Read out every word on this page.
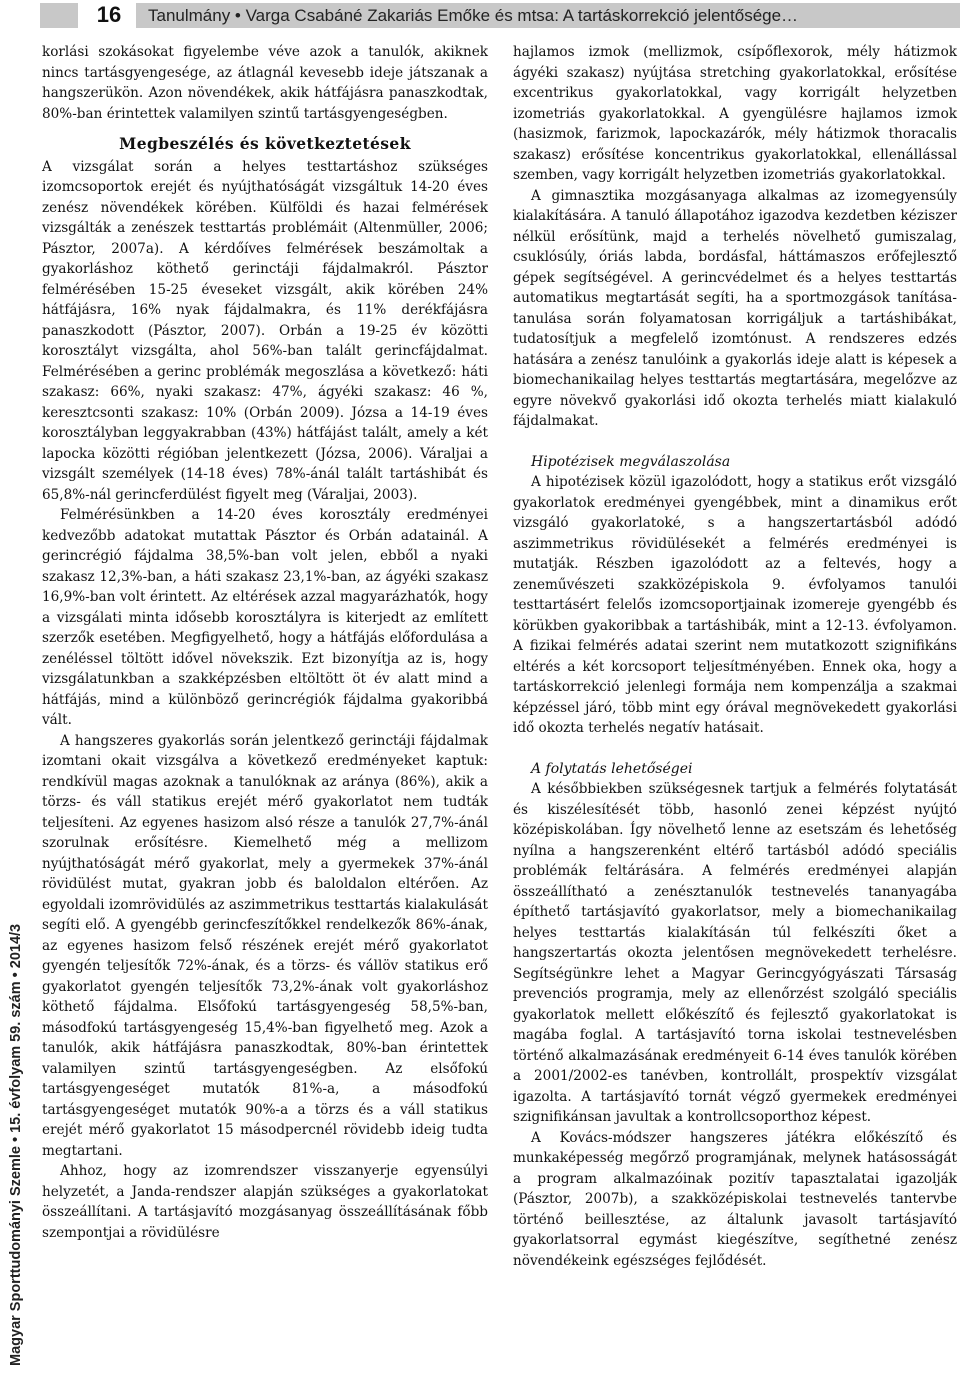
16	Tanulmány • Varga Csabáné Zakariás Emőke és mtsa: A tartáskorrekció jelentősége…
Magyar Sporttudományi Szemle • 15. évfolyam 59. szám • 2014/3

korlási szokásokat figyelembe véve azok a tanulók, akiknek nincs tartásgyengesége, az átlagnál kevesebb ideje játszanak a hangszerükön. Azon növendékek, akik hátfájásra panaszkodtak, 80%-ban érintettek valamilyen szintű tartásgyengeségben.

Megbeszélés és következtetések

A vizsgálat során a helyes testtartáshoz szükséges izomcsoportok erejét és nyújthatóságát vizsgáltuk 14-20 éves zenész növendékek körében. Külföldi és hazai felmérések vizsgálták a zenészek testtartás problémáit (Altenmüller, 2006; Pásztor, 2007a). A kérdőíves felmérések beszámoltak a gyakorláshoz köthető gerinctáji fájdalmakról. Pásztor felmérésében 15-25 éveseket vizsgált, akik körében 24% hátfájásra, 16% nyak fájdalmakra, és 11% derékfájásra panaszkodott (Pásztor, 2007). Orbán a 19-25 év közötti korosztályt vizsgálta, ahol 56%-ban talált gerincfájdalmat. Felmérésében a gerinc problémák megoszlása a következő: háti szakasz: 66%, nyaki szakasz: 47%, ágyéki szakasz: 46 %, keresztcsonti szakasz: 10% (Orbán 2009). Józsa a 14-19 éves korosztályban leggyakrabban (43%) hátfájást talált, amely a két lapocka közötti régióban jelentkezett (Józsa, 2006). Váraljai a vizsgált személyek (14-18 éves) 78%-ánál talált tartáshibát és 65,8%-nál gerincferdülést figyelt meg (Váraljai, 2003).

Felmérésünkben a 14-20 éves korosztály eredményei kedvezőbb adatokat mutattak Pásztor és Orbán adatainál. A gerincrégió fájdalma 38,5%-ban volt jelen, ebből a nyaki szakasz 12,3%-ban, a háti szakasz 23,1%-ban, az ágyéki szakasz 16,9%-ban volt érintett. Az eltérések azzal magyarázhatók, hogy a vizsgálati minta idősebb korosztályra is kiterjedt az említett szerzők esetében. Megfigyelhető, hogy a hátfájás előfordulása a zenéléssel töltött idővel növekszik. Ezt bizonyítja az is, hogy vizsgálatunkban a szakképzésben eltöltött öt év alatt mind a hátfájás, mind a különböző gerincrégiók fájdalma gyakoribbá vált.

A hangszeres gyakorlás során jelentkező gerinctáji fájdalmak izomtani okait vizsgálva a következő eredményeket kaptuk: rendkívül magas azoknak a tanulóknak az aránya (86%), akik a törzs- és váll statikus erejét mérő gyakorlatot nem tudták teljesíteni. Az egyenes hasizom alsó része a tanulók 27,7%-ánál szorulnak erősítésre. Kiemelhető még a mellizom nyújthatóságát mérő gyakorlat, mely a gyermekek 37%-ánál rövidülést mutat, gyakran jobb és baloldalon eltérően. Az egyoldali izomrövidülés az aszimmetrikus testtartás kialakulását segíti elő. A gyengébb gerincfeszítőkkel rendelkezők 86%-ának, az egyenes hasizom felső részének erejét mérő gyakorlatot gyengén teljesítők 72%-ának, és a törzs- és vállöv statikus erő gyakorlatot gyengén teljesítők 73,2%-ának volt gyakorláshoz köthető fájdalma. Elsőfokú tartásgyengeség 58,5%-ban, másodfokú tartásgyengeség 15,4%-ban figyelhető meg. Azok a tanulók, akik hátfájásra panaszkodtak, 80%-ban érintettek valamilyen szintű tartásgyengeségben. Az elsőfokú tartásgyengeséget mutatók 81%-a, a másodfokú tartásgyengeséget mutatók 90%-a a törzs és a váll statikus erejét mérő gyakorlatot 15 másodpercnél rövidebb ideig tudta megtartani.

Ahhoz, hogy az izomrendszer visszanyerje egyensúlyi helyzetét, a Janda-rendszer alapján szükséges a gyakorlatokat összeállítani. A tartásjavító mozgásanyag összeállításának főbb szempontjai a rövidülésre

hajlamos izmok (mellizmok, csípőflexorok, mély hátizmok ágyéki szakasz) nyújtása stretching gyakorlatokkal, erősítése excentrikus gyakorlatokkal, vagy korrigált helyzetben izometriás gyakorlatokkal. A gyengülésre hajlamos izmok (hasizmok, farizmok, lapockazárók, mély hátizmok thoracalis szakasz) erősítése koncentrikus gyakorlatokkal, ellenállással szemben, vagy korrigált helyzetben izometriás gyakorlatokkal.

A gimnasztika mozgásanyaga alkalmas az izomegyensúly kialakítására. A tanuló állapotához igazodva kezdetben kéziszer nélkül erősítünk, majd a terhelés növelhető gumiszalag, csuklósúly, óriás labda, bordásfal, háttámaszos erőfejlesztő gépek segítségével. A gerincvédelmet és a helyes testtartás automatikus megtartását segíti, ha a sportmozgások tanítása-tanulása során folyamatosan korrigáljuk a tartáshibákat, tudatosítjuk a megfelelő izomtónust. A rendszeres edzés hatására a zenész tanulóink a gyakorlás ideje alatt is képesek a biomechanikailag helyes testtartás megtartására, megelőzve az egyre növekvő gyakorlási idő okozta terhelés miatt kialakuló fájdalmakat.

Hipotézisek megválaszolása

A hipotézisek közül igazolódott, hogy a statikus erőt vizsgáló gyakorlatok eredményei gyengébbek, mint a dinamikus erőt vizsgáló gyakorlatoké, s a hangszertartásból adódó aszimmetrikus rövidülésekét a felmérés eredményei is mutatják. Részben igazolódott az a feltevés, hogy a zeneművészeti szakközépiskola 9. évfolyamos tanulói testtartásért felelős izomcsoportjainak izomereje gyengébb és körükben gyakoribbak a tartáshibák, mint a 12-13. évfolyamon. A fizikai felmérés adatai szerint nem mutatkozott szignifikáns eltérés a két korcsoport teljesítményében. Ennek oka, hogy a tartáskorrekció jelenlegi formája nem kompenzálja a szakmai képzéssel járó, több mint egy órával megnövekedett gyakorlási idő okozta terhelés negatív hatásait.

A folytatás lehetőségei

A későbbiekben szükségesnek tartjuk a felmérés folytatását és kiszélesítését több, hasonló zenei képzést nyújtó középiskolában. Így növelhető lenne az esetszám és lehetőség nyílna a hangszerenként eltérő tartásból adódó speciális problémák feltárására. A felmérés eredményei alapján összeállítható a zenésztanulók testnevelés tananyagába építhető tartásjavító gyakorlatsor, mely a biomechanikailag helyes testtartás kialakításán túl felkészíti őket a hangszertartás okozta jelentősen megnövekedett terhelésre. Segítségünkre lehet a Magyar Gerincgyógyászati Társaság prevenciós programja, mely az ellenőrzést szolgáló speciális gyakorlatok mellett előkészítő és fejlesztő gyakorlatokat is magába foglal. A tartásjavító torna iskolai testnevelésben történő alkalmazásának eredményeit 6-14 éves tanulók körében a 2001/2002-es tanévben, kontrollált, prospektív vizsgálat igazolta. A tartásjavító tornát végző gyermekek eredményei szignifikánsan javultak a kontrollcsoporthoz képest.

A Kovács-módszer hangszeres játékra előkészítő és munkaképesség megőrző programjának, melynek hatásosságát a program alkalmazóinak pozitív tapasztalatai igazolják (Pásztor, 2007b), a szakközépiskolai testnevelés tantervbe történő beillesztése, az általunk javasolt tartásjavító gyakorlatsorral egymást kiegészítve, segíthetné zenész növendékeink egészséges fejlődését.
